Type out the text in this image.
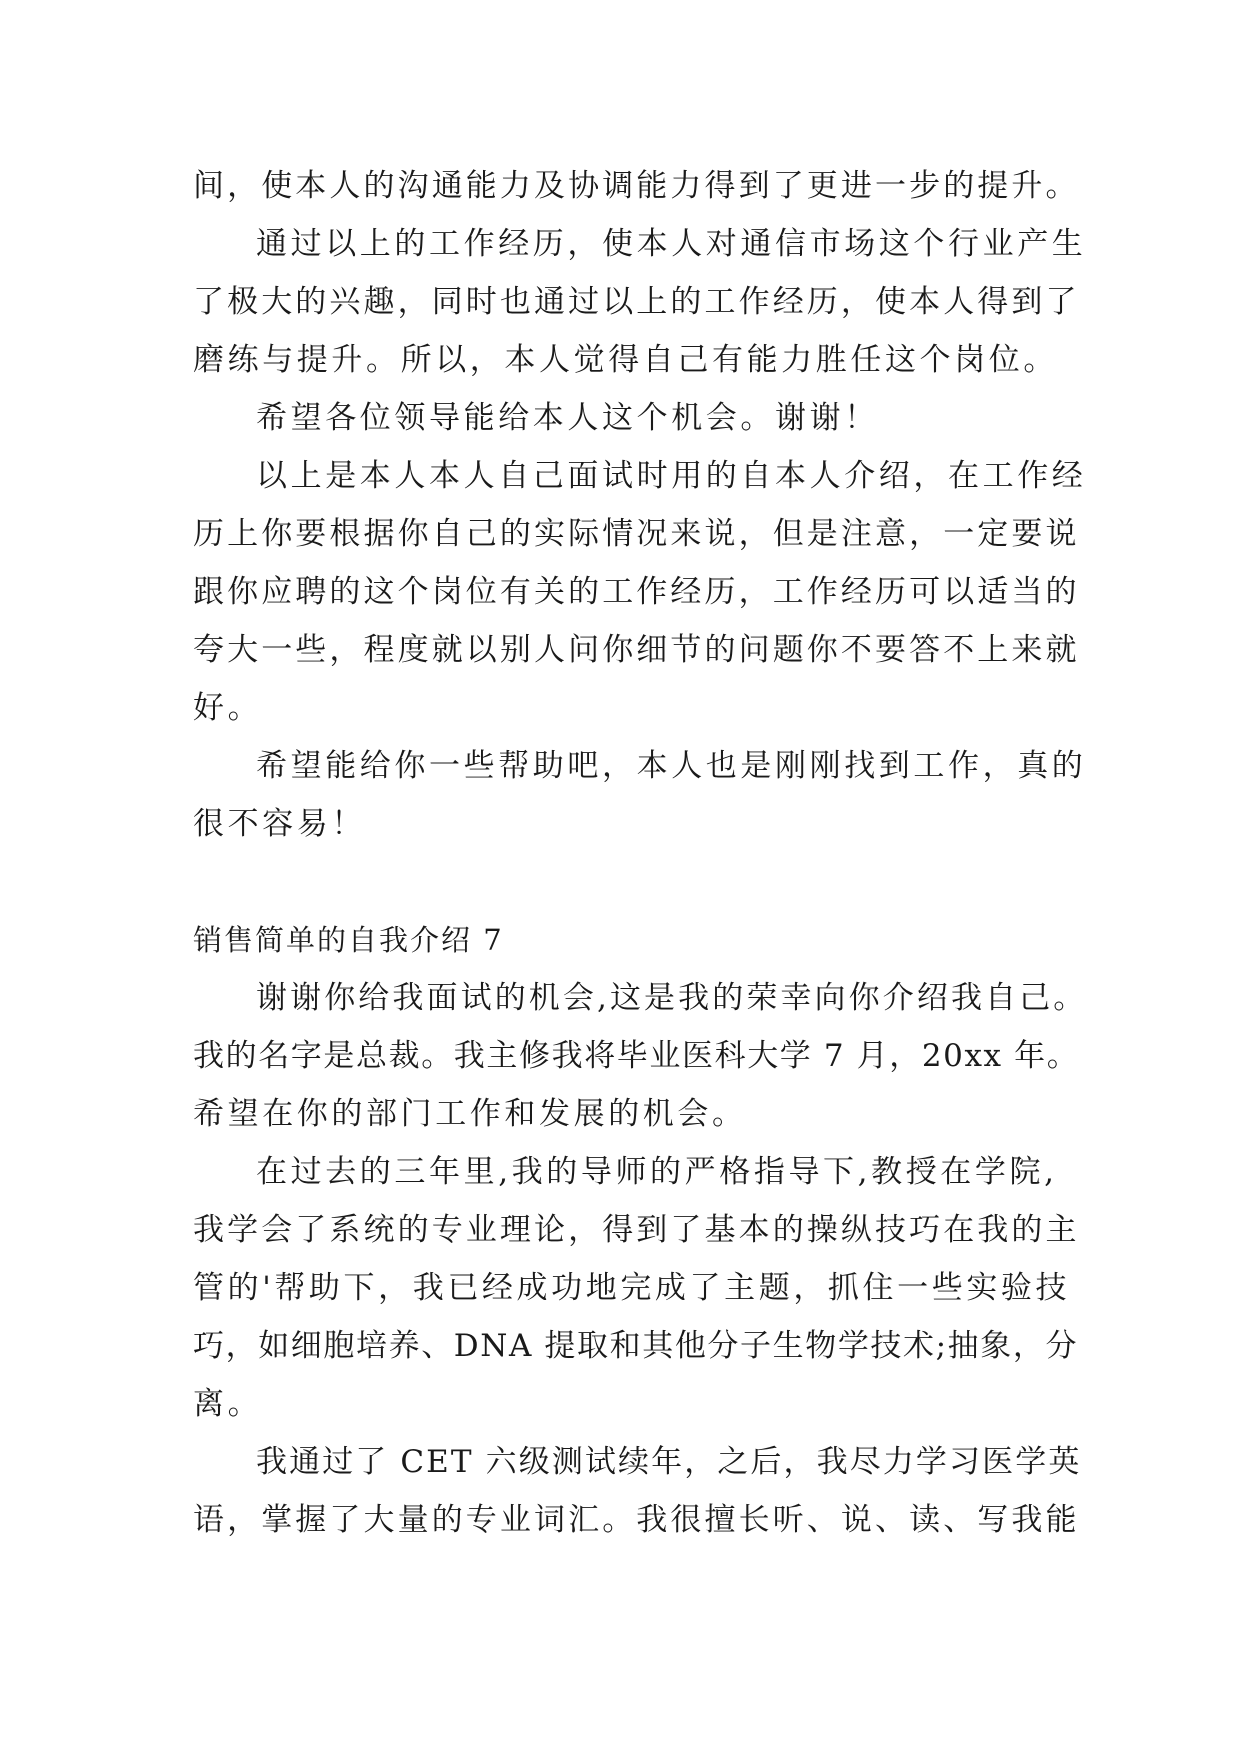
间，使本人的沟通能力及协调能力得到了更进一步的提升。
通过以上的工作经历，使本人对通信市场这个行业产生
了极大的兴趣，同时也通过以上的工作经历，使本人得到了
磨练与提升。所以，本人觉得自己有能力胜任这个岗位。
希望各位领导能给本人这个机会。谢谢！
以上是本人本人自己面试时用的自本人介绍，在工作经
历上你要根据你自己的实际情况来说，但是注意，一定要说
跟你应聘的这个岗位有关的工作经历，工作经历可以适当的
夸大一些，程度就以别人问你细节的问题你不要答不上来就
好。
希望能给你一些帮助吧，本人也是刚刚找到工作，真的
很不容易！
销售简单的自我介绍 7
谢谢你给我面试的机会,这是我的荣幸向你介绍我自己。
我的名字是总裁。我主修我将毕业医科大学 7 月，20xx 年。
希望在你的部门工作和发展的机会。
在过去的三年里,我的导师的严格指导下,教授在学院,
我学会了系统的专业理论，得到了基本的操纵技巧在我的主
管的'帮助下，我已经成功地完成了主题，抓住一些实验技
巧，如细胞培养、DNA 提取和其他分子生物学技术;抽象，分
离。
我通过了 CET 六级测试续年，之后，我尽力学习医学英
语，掌握了大量的专业词汇。我很擅长听、说、读、写我能
